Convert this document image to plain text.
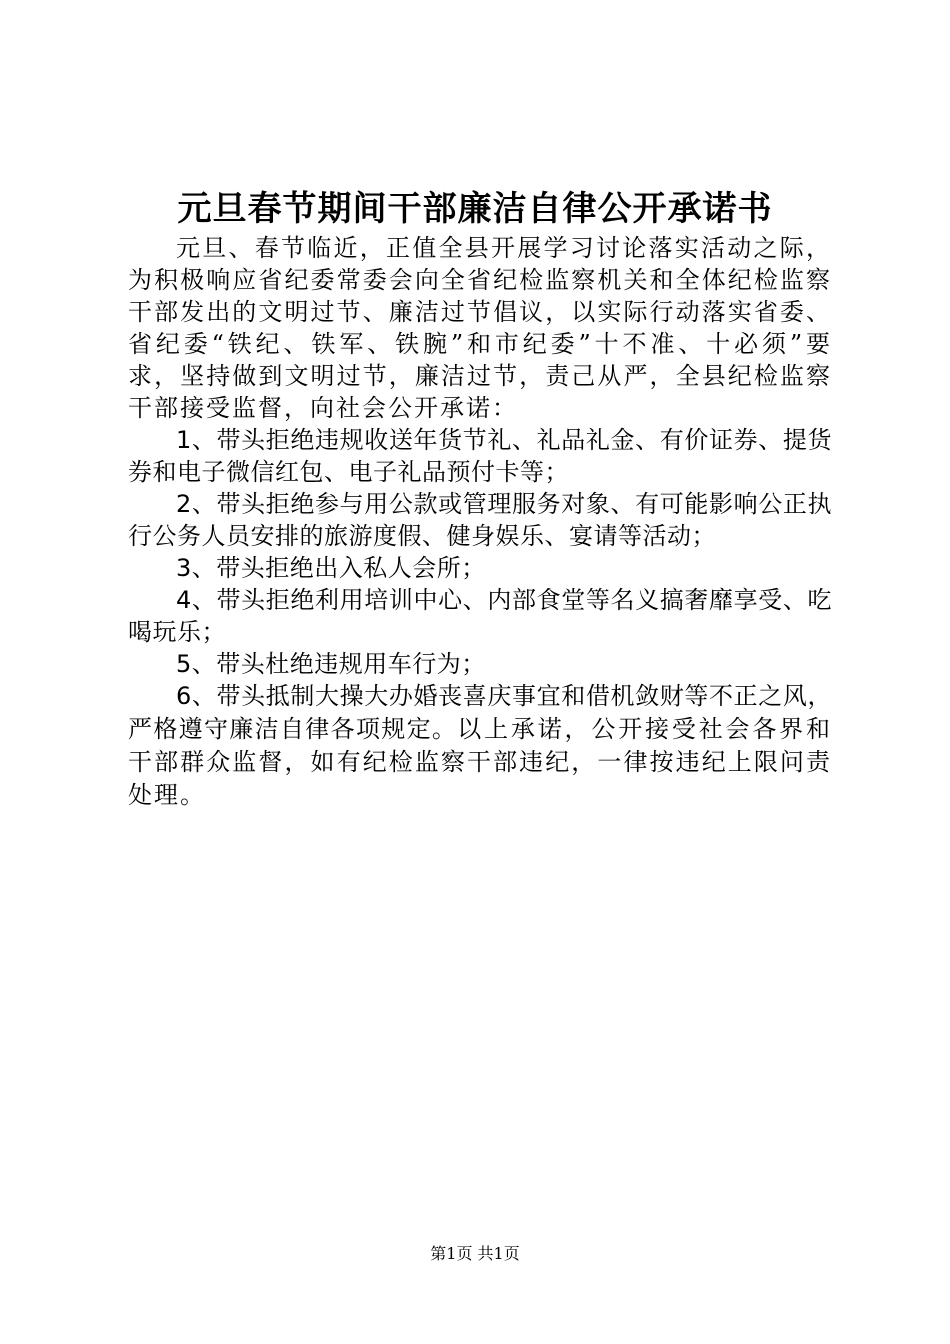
元旦春节期间干部廉洁自律公开承诺书

元旦、春节临近，正值全县开展学习讨论落实活动之际，为积极响应省纪委常委会向全省纪检监察机关和全体纪检监察干部发出的文明过节、廉洁过节倡议，以实际行动落实省委、省纪委“铁纪、铁军、铁腕”和市纪委”十不准、十必须”要求，坚持做到文明过节，廉洁过节，责己从严，全县纪检监察干部接受监督，向社会公开承诺：

1、带头拒绝违规收送年货节礼、礼品礼金、有价证券、提货券和电子微信红包、电子礼品预付卡等；

2、带头拒绝参与用公款或管理服务对象、有可能影响公正执行公务人员安排的旅游度假、健身娱乐、宴请等活动；

3、带头拒绝出入私人会所；

4、带头拒绝利用培训中心、内部食堂等名义搞奢靡享受、吃喝玩乐；

5、带头杜绝违规用车行为；

6、带头抵制大操大办婚丧喜庆事宜和借机敛财等不正之风，严格遵守廉洁自律各项规定。以上承诺，公开接受社会各界和干部群众监督，如有纪检监察干部违纪，一律按违纪上限问责处理。

第1页 共1页
